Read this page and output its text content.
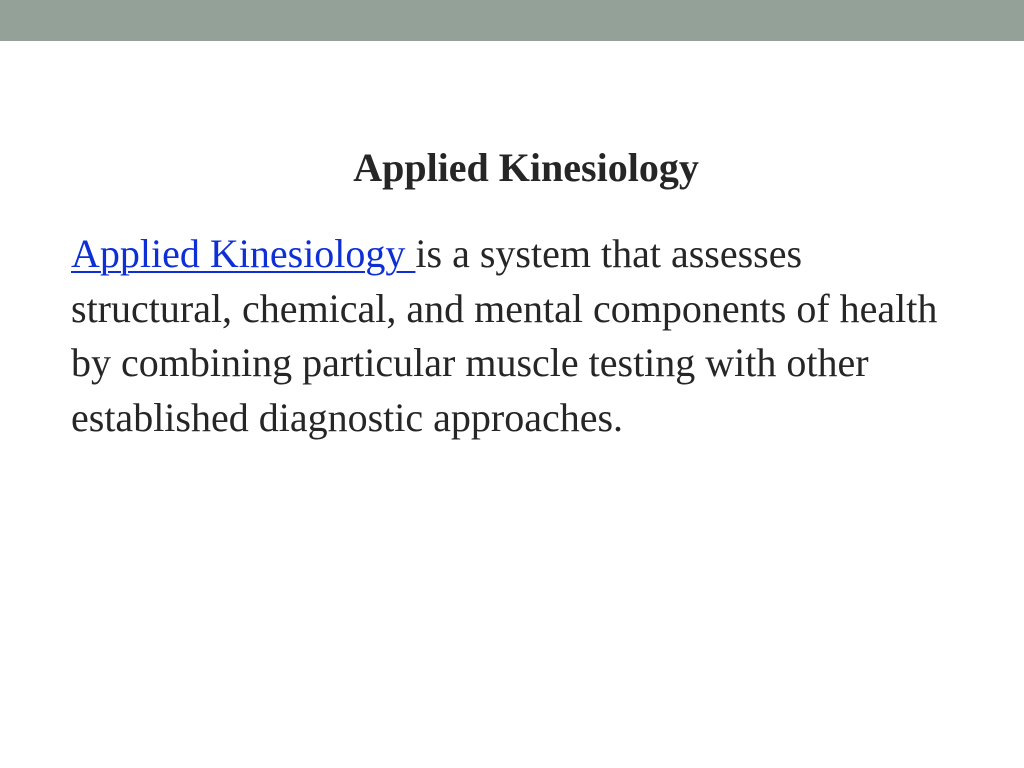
Applied Kinesiology

Applied Kinesiology is a system that assesses structural, chemical, and mental components of health by combining particular muscle testing with other established diagnostic approaches.
